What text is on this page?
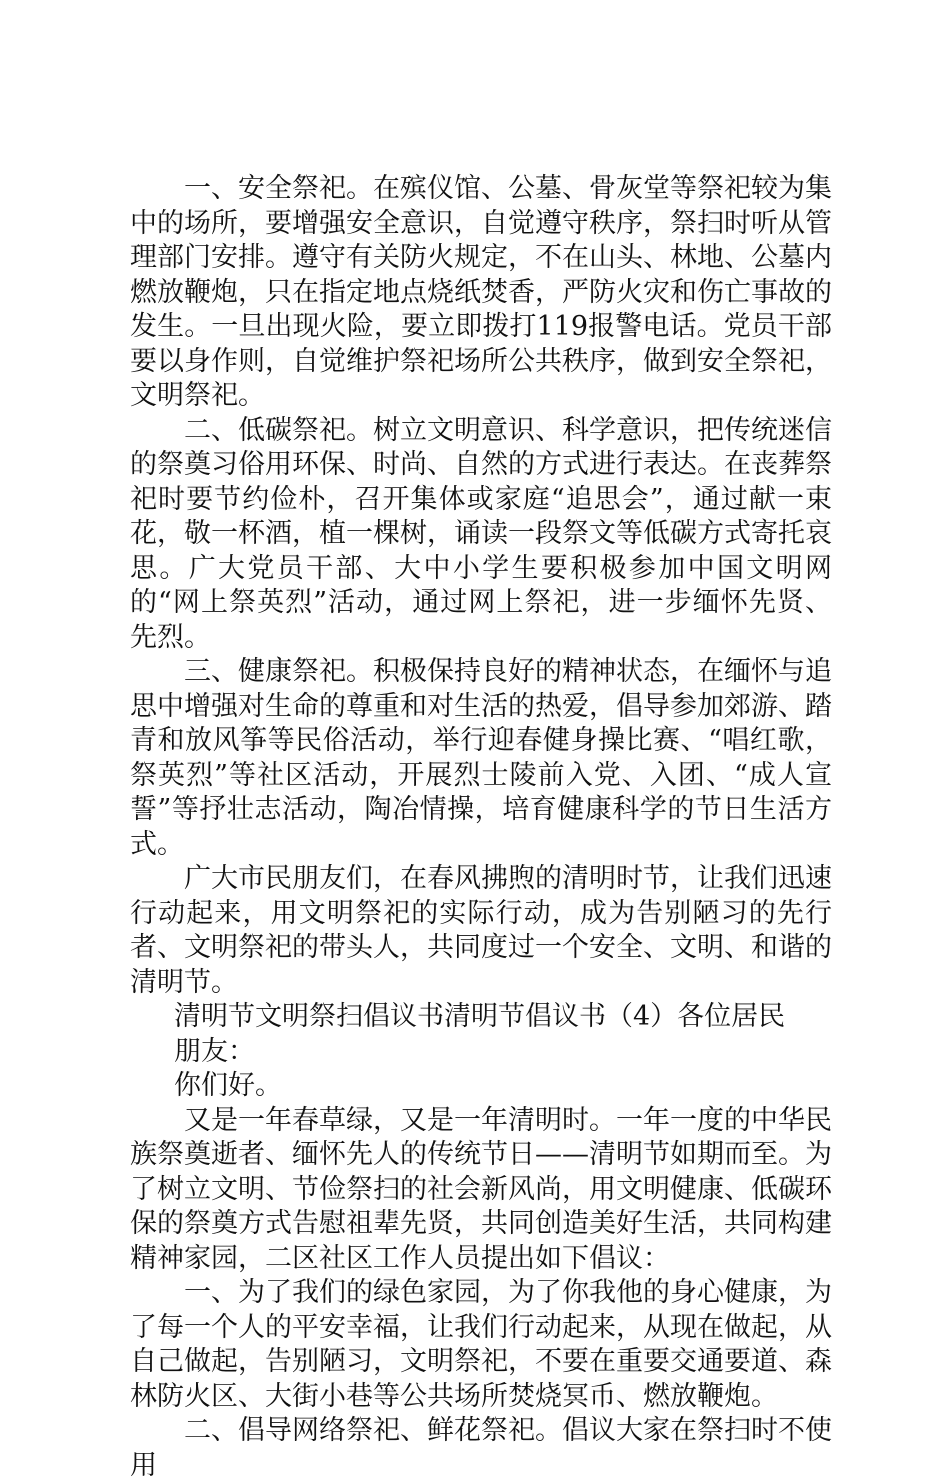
一、安全祭祀。在殡仪馆、公墓、骨灰堂等祭祀较为集中的场所，要增强安全意识，自觉遵守秩序，祭扫时听从管理部门安排。遵守有关防火规定，不在山头、林地、公墓内燃放鞭炮，只在指定地点烧纸焚香，严防火灾和伤亡事故的发生。一旦出现火险，要立即拨打119报警电话。党员干部要以身作则，自觉维护祭祀场所公共秩序，做到安全祭祀，文明祭祀。

二、低碳祭祀。树立文明意识、科学意识，把传统迷信的祭奠习俗用环保、时尚、自然的方式进行表达。在丧葬祭祀时要节约俭朴，召开集体或家庭“追思会”，通过献一束花，敬一杯酒，植一棵树，诵读一段祭文等低碳方式寄托哀思。广大党员干部、大中小学生要积极参加中国文明网的“网上祭英烈”活动，通过网上祭祀，进一步缅怀先贤、先烈。

三、健康祭祀。积极保持良好的精神状态，在缅怀与追思中增强对生命的尊重和对生活的热爱，倡导参加郊游、踏青和放风筝等民俗活动，举行迎春健身操比赛、“唱红歌，祭英烈”等社区活动，开展烈士陵前入党、入团、“成人宣誓”等抒壮志活动，陶冶情操，培育健康科学的节日生活方式。

广大市民朋友们，在春风拂煦的清明时节，让我们迅速行动起来，用文明祭祀的实际行动，成为告别陋习的先行者、文明祭祀的带头人，共同度过一个安全、文明、和谐的清明节。

清明节文明祭扫倡议书清明节倡议书（4）各位居民

朋友：

你们好。

又是一年春草绿，又是一年清明时。一年一度的中华民族祭奠逝者、缅怀先人的传统节日——清明节如期而至。为了树立文明、节俭祭扫的社会新风尚，用文明健康、低碳环保的祭奠方式告慰祖辈先贤，共同创造美好生活，共同构建精神家园，二区社区工作人员提出如下倡议：

一、为了我们的绿色家园，为了你我他的身心健康，为了每一个人的平安幸福，让我们行动起来，从现在做起，从自己做起，告别陋习，文明祭祀，不要在重要交通要道、森林防火区、大街小巷等公共场所焚烧冥币、燃放鞭炮。

二、倡导网络祭祀、鲜花祭祀。倡议大家在祭扫时不使用
